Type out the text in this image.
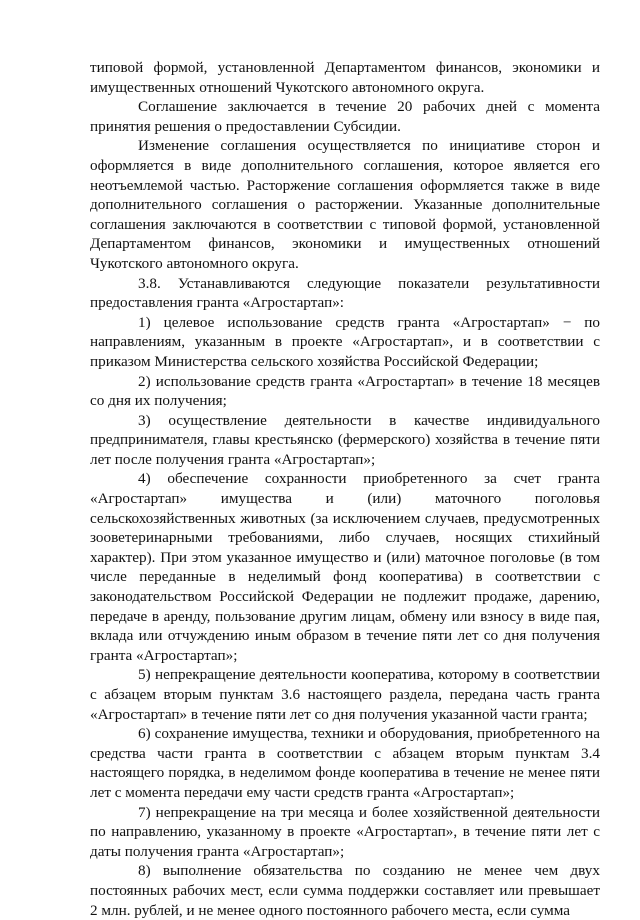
типовой формой, установленной Департаментом финансов, экономики и имущественных отношений Чукотского автономного округа.

Соглашение заключается в течение 20 рабочих дней с момента принятия решения о предоставлении Субсидии.

Изменение соглашения осуществляется по инициативе сторон и оформляется в виде дополнительного соглашения, которое является его неотъемлемой частью. Расторжение соглашения оформляется также в виде дополнительного соглашения о расторжении. Указанные дополнительные соглашения заключаются в соответствии с типовой формой, установленной Департаментом финансов, экономики и имущественных отношений Чукотского автономного округа.

3.8. Устанавливаются следующие показатели результативности предоставления гранта «Агростартап»:

1) целевое использование средств гранта «Агростартап» − по направлениям, указанным в проекте «Агростартап», и в соответствии с приказом Министерства сельского хозяйства Российской Федерации;

2) использование средств гранта «Агростартап» в течение 18 месяцев со дня их получения;

3) осуществление деятельности в качестве индивидуального предпринимателя, главы крестьянско (фермерского) хозяйства в течение пяти лет после получения гранта «Агростартап»;

4) обеспечение сохранности приобретенного за счет гранта «Агростартап» имущества и (или) маточного поголовья сельскохозяйственных животных (за исключением случаев, предусмотренных зооветеринарными требованиями, либо случаев, носящих стихийный характер). При этом указанное имущество и (или) маточное поголовье (в том числе переданные в неделимый фонд кооператива) в соответствии с законодательством Российской Федерации не подлежит продаже, дарению, передаче в аренду, пользование другим лицам, обмену или взносу в виде пая, вклада или отчуждению иным образом в течение пяти лет со дня получения гранта «Агростартап»;

5) непрекращение деятельности кооператива, которому в соответствии с абзацем вторым пунктам 3.6 настоящего раздела, передана часть гранта «Агростартап» в течение пяти лет со дня получения указанной части гранта;

6) сохранение имущества, техники и оборудования, приобретенного на средства части гранта в соответствии с абзацем вторым пунктам 3.4 настоящего порядка, в неделимом фонде кооператива в течение не менее пяти лет с момента передачи ему части средств гранта «Агростартап»;

7) непрекращение на три месяца и более хозяйственной деятельности по направлению, указанному в проекте «Агростартап», в течение пяти лет с даты получения гранта «Агростартап»;

8) выполнение обязательства по созданию не менее чем двух постоянных рабочих мест, если сумма поддержки составляет или превышает 2 млн. рублей, и не менее одного постоянного рабочего места, если сумма
